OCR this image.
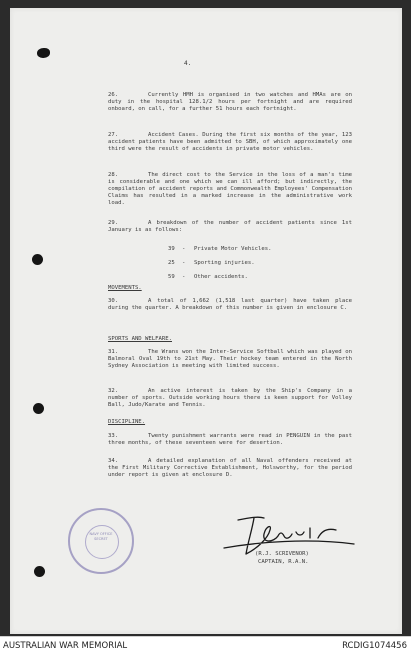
4.
26.	Currently HMH is organised in two watches and HMAs are on duty in the hospital 128.1/2 hours per fortnight and are required onboard, on call, for a further 51 hours each fortnight.
27.	Accident Cases. During the first six months of the year, 123 accident patients have been admitted to SBH, of which approximately one third were the result of accidents in private motor vehicles.
28.	The direct cost to the Service in the loss of a man's time is considerable and one which we can ill afford; but indirectly, the compilation of accident reports and Commonwealth Employees' Compensation Claims has resulted in a marked increase in the administrative work load.
29.	A breakdown of the number of accident patients since 1st January is as follows:
39 - Private Motor Vehicles.
25 - Sporting injuries.
59 - Other accidents.
MOVEMENTS.
30.	A total of 1,662 (1,518 last quarter) have taken place during the quarter. A breakdown of this number is given in enclosure C.
SPORTS AND WELFARE.
31.	The Wrans won the Inter-Service Softball which was played on Balmoral Oval 19th to 21st May. Their hockey team entered in the North Sydney Association is meeting with limited success.
32.	An active interest is taken by the Ship's Company in a number of sports. Outside working hours there is keen support for Volley Ball, Judo/Karate and Tennis.
DISCIPLINE.
33.	Twenty punishment warrants were read in PENGUIN in the past three months, of these seventeen were for desertion.
34.	A detailed explanation of all Naval offenders received at the First Military Corrective Establishment, Holsworthy, for the period under report is given at enclosure D.
NAVY OFFICE SECRET
(R.J. SCRIVENOR)
CAPTAIN, R.A.N.
AUSTRALIAN WAR MEMORIAL	RCDIG1074456
